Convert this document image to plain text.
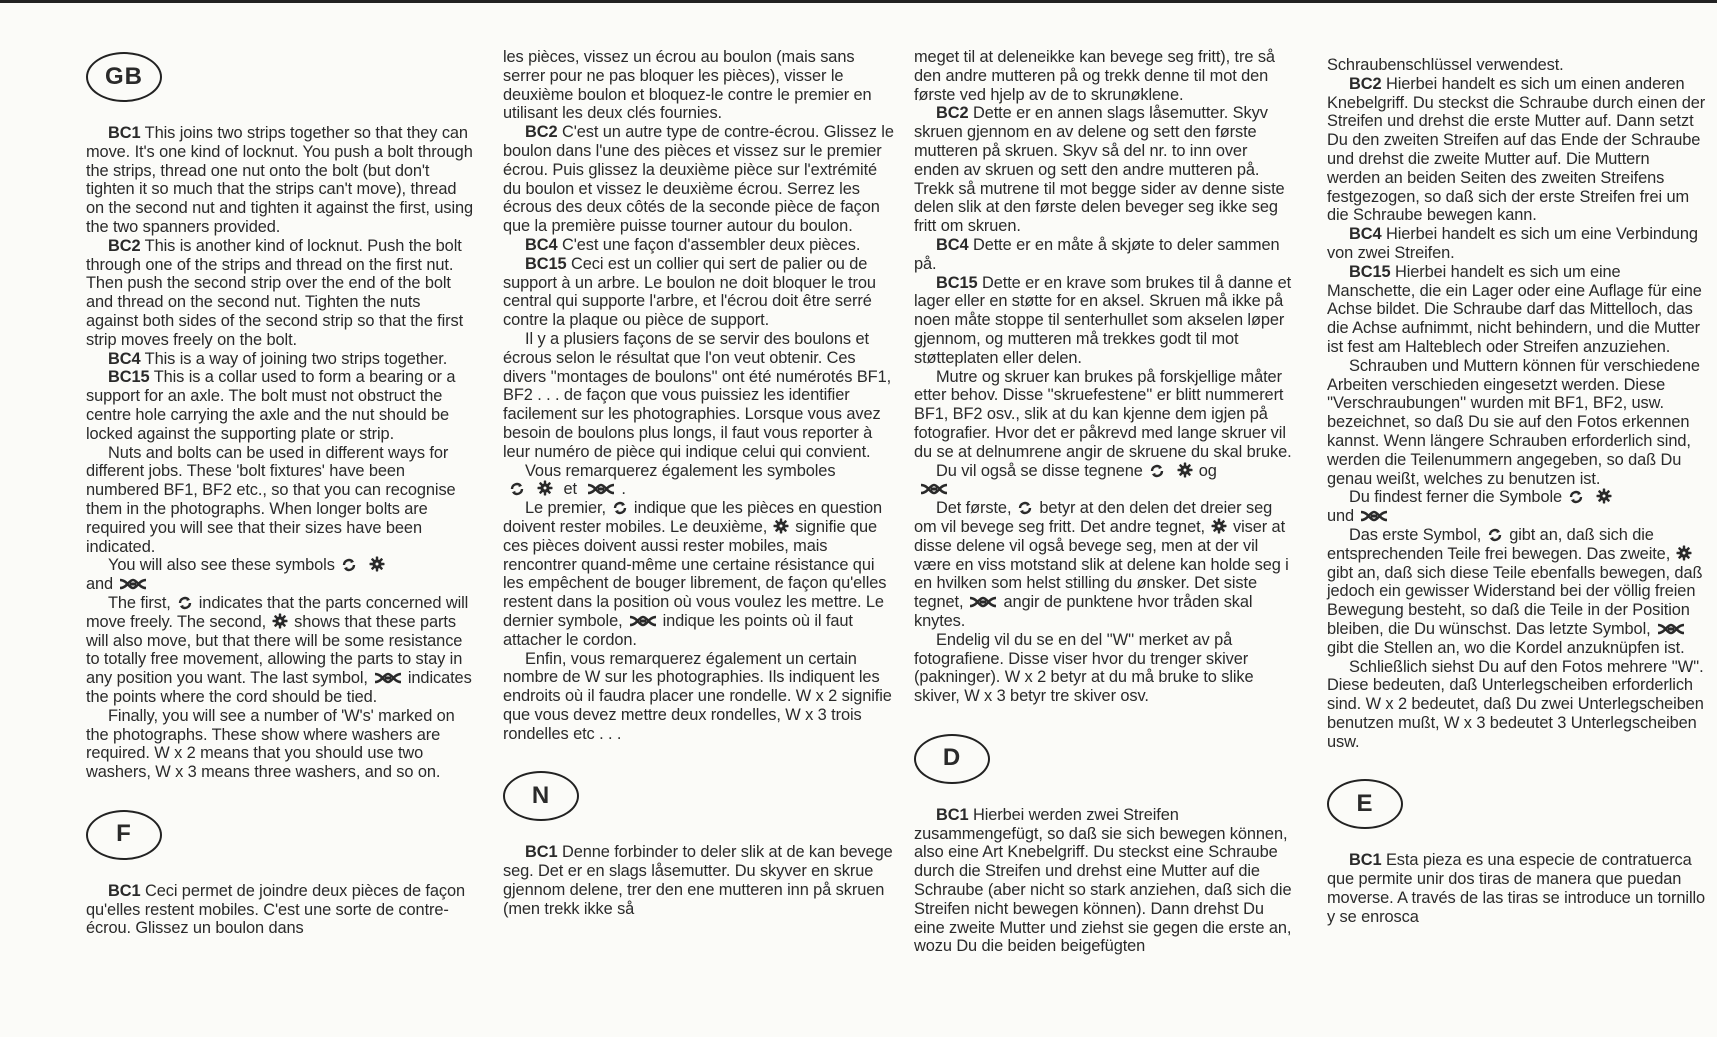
GB

BC1 This joins two strips together so that they can move. It's one kind of locknut. You push a bolt through the strips, thread one nut onto the bolt (but don't tighten it so much that the strips can't move), thread on the second nut and tighten it against the first, using the two spanners provided.

BC2 This is another kind of locknut. Push the bolt through one of the strips and thread on the first nut. Then push the second strip over the end of the bolt and thread on the second nut. Tighten the nuts against both sides of the second strip so that the first strip moves freely on the bolt.

BC4 This is a way of joining two strips together.

BC15 This is a collar used to form a bearing or a support for an axle. The bolt must not obstruct the centre hole carrying the axle and the nut should be locked against the supporting plate or strip.

Nuts and bolts can be used in different ways for different jobs. These 'bolt fixtures' have been numbered BF1, BF2 etc., so that you can recognise them in the photographs. When longer bolts are required you will see that their sizes have been indicated.

You will also see these symbols

and

The first, indicates that the parts concerned will move freely. The second, shows that these parts will also move, but that there will be some resistance to totally free movement, allowing the parts to stay in any position you want. The last symbol, indicates the points where the cord should be tied.

Finally, you will see a number of 'W's' marked on the photographs. These show where washers are required. W x 2 means that you should use two washers, W x 3 means three washers, and so on.

F

BC1 Ceci permet de joindre deux pièces de façon qu'elles restent mobiles. C'est une sorte de contre-écrou. Glissez un boulon dans

les pièces, vissez un écrou au boulon (mais sans serrer pour ne pas bloquer les pièces), visser le deuxième boulon et bloquez-le contre le premier en utilisant les deux clés fournies.

BC2 C'est un autre type de contre-écrou. Glissez le boulon dans l'une des pièces et vissez sur le premier écrou. Puis glissez la deuxième pièce sur l'extrémité du boulon et vissez le deuxième écrou. Serrez les écrous des deux côtés de la seconde pièce de façon que la première puisse tourner autour du boulon.

BC4 C'est une façon d'assembler deux pièces.

BC15 Ceci est un collier qui sert de palier ou de support à un arbre. Le boulon ne doit bloquer le trou central qui supporte l'arbre, et l'écrou doit être serré contre la plaque ou pièce de support.

Il y a plusiers façons de se servir des boulons et écrous selon le résultat que l'on veut obtenir. Ces divers ''montages de boulons'' ont été numérotés BF1, BF2 . . . de façon que vous puissiez les identifier facilement sur les photographies. Lorsque vous avez besoin de boulons plus longs, il faut vous reporter à leur numéro de pièce qui indique celui qui convient.

Vous remarquerez également les symboles

et	.

Le premier, indique que les pièces en question doivent rester mobiles. Le deuxième, signifie que ces pièces doivent aussi rester mobiles, mais rencontrer quand-même une certaine résistance qui les empêchent de bouger librement, de façon qu'elles restent dans la position où vous voulez les mettre. Le dernier symbole, indique les points où il faut attacher le cordon.

Enfin, vous remarquerez également un certain nombre de W sur les photographies. Ils indiquent les endroits où il faudra placer une rondelle. W x 2 signifie que vous devez mettre deux rondelles, W x 3 trois rondelles etc . . .

N

BC1 Denne forbinder to deler slik at de kan bevege seg. Det er en slags låsemutter. Du skyver en skrue gjennom delene, trer den ene mutteren inn på skruen (men trekk ikke så

meget til at deleneikke kan bevege seg fritt), tre så den andre mutteren på og trekk denne til mot den første ved hjelp av de to skrunøklene.

BC2 Dette er en annen slags låsemutter. Skyv skruen gjennom en av delene og sett den første mutteren på skruen. Skyv så del nr. to inn over enden av skruen og sett den andre mutteren på. Trekk så mutrene til mot begge sider av denne siste delen slik at den første delen beveger seg ikke seg fritt om skruen.

BC4 Dette er en måte å skjøte to deler sammen på.

BC15 Dette er en krave som brukes til å danne et lager eller en støtte for en aksel. Skruen må ikke på noen måte stoppe til senterhullet som akselen løper gjennom, og mutteren må trekkes godt til mot støtteplaten eller delen.

Mutre og skruer kan brukes på forskjellige måter etter behov. Disse ''skruefestene'' er blitt nummerert BF1, BF2 osv., slik at du kan kjenne dem igjen på fotografier. Hvor det er påkrevd med lange skruer vil du se at delnumrene angir de skruene du skal bruke.

Du vil også se disse tegnene	og

Det første, betyr at den delen det dreier seg om vil bevege seg fritt. Det andre tegnet, viser at disse delene vil også bevege seg, men at der vil være en viss motstand slik at delene kan holde seg i en hvilken som helst stilling du ønsker. Det siste tegnet, angir de punktene hvor tråden skal knytes.

Endelig vil du se en del ''W'' merket av på fotografiene. Disse viser hvor du trenger skiver (pakninger). W x 2 betyr at du må bruke to slike skiver, W x 3 betyr tre skiver osv.

D

BC1 Hierbei werden zwei Streifen zusammengefügt, so daß sie sich bewegen können, also eine Art Knebelgriff. Du steckst eine Schraube durch die Streifen und drehst eine Mutter auf die Schraube (aber nicht so stark anziehen, daß sich die Streifen nicht bewegen können). Dann drehst Du eine zweite Mutter und ziehst sie gegen die erste an, wozu Du die beiden beigefügten

Schraubenschlüssel verwendest.

BC2 Hierbei handelt es sich um einen anderen Knebelgriff. Du steckst die Schraube durch einen der Streifen und drehst die erste Mutter auf. Dann setzt Du den zweiten Streifen auf das Ende der Schraube und drehst die zweite Mutter auf. Die Muttern werden an beiden Seiten des zweiten Streifens festgezogen, so daß sich der erste Streifen frei um die Schraube bewegen kann.

BC4 Hierbei handelt es sich um eine Verbindung von zwei Streifen.

BC15 Hierbei handelt es sich um eine Manschette, die ein Lager oder eine Auflage für eine Achse bildet. Die Schraube darf das Mittelloch, das die Achse aufnimmt, nicht behindern, und die Mutter ist fest am Halteblech oder Streifen anzuziehen.

Schrauben und Muttern können für verschiedene Arbeiten verschieden eingesetzt werden. Diese ''Verschraubungen'' wurden mit BF1, BF2, usw. bezeichnet, so daß Du sie auf den Fotos erkennen kannst. Wenn längere Schrauben erforderlich sind, werden die Teilenummern angegeben, so daß Du genau weißt, welches zu benutzen ist.

Du findest ferner die Symbole

und

Das erste Symbol, gibt an, daß sich die entsprechenden Teile frei bewegen. Das zweite,
gibt an, daß sich diese Teile ebenfalls bewegen, daß jedoch ein gewisser Widerstand bei der völlig freien Bewegung besteht, so daß die Teile in der Position bleiben, die Du wünschst. Das letzte Symbol,
gibt die Stellen an, wo die Kordel anzuknüpfen ist.

Schließlich siehst Du auf den Fotos mehrere ''W''. Diese bedeuten, daß Unterlegscheiben erforderlich sind. W x 2 bedeutet, daß Du zwei Unterlegscheiben benutzen mußt, W x 3 bedeutet 3 Unterlegscheiben usw.

E

BC1 Esta pieza es una especie de contratuerca que permite unir dos tiras de manera que puedan moverse. A través de las tiras se introduce un tornillo y se enrosca
